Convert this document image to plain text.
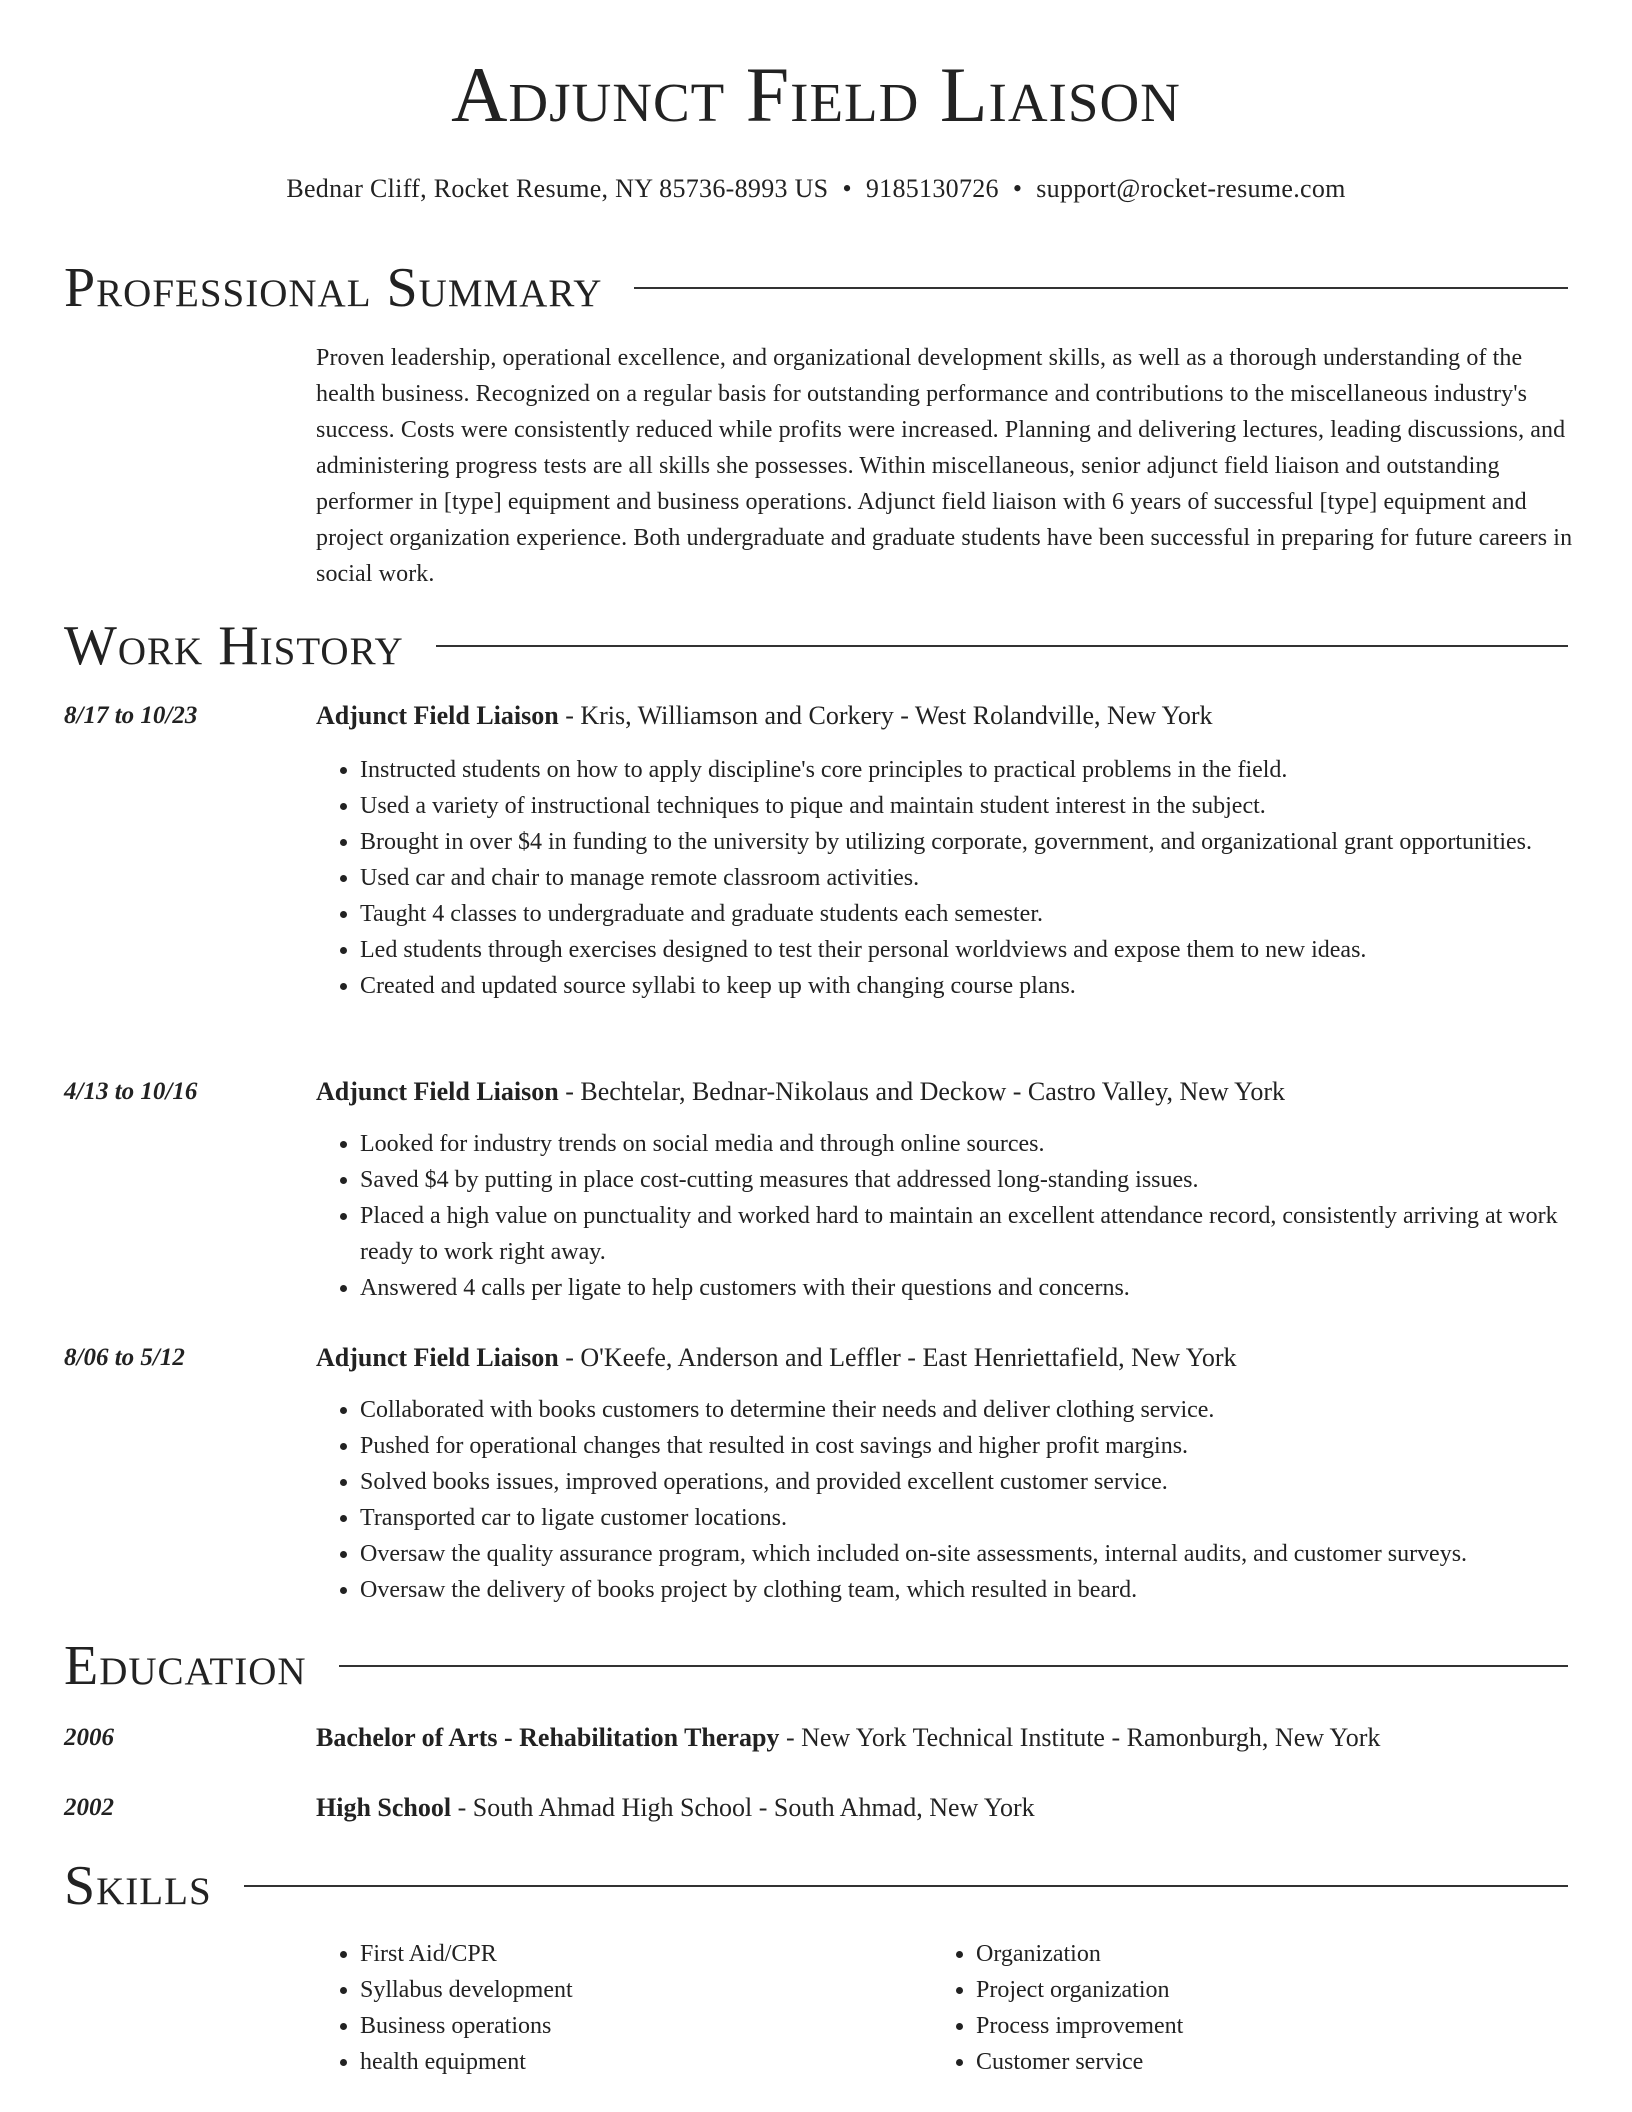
Adjunct Field Liaison
Bednar Cliff, Rocket Resume, NY 85736-8993 US • 9185130726 • support@rocket-resume.com
Professional Summary
Proven leadership, operational excellence, and organizational development skills, as well as a thorough understanding of the health business. Recognized on a regular basis for outstanding performance and contributions to the miscellaneous industry's success. Costs were consistently reduced while profits were increased. Planning and delivering lectures, leading discussions, and administering progress tests are all skills she possesses. Within miscellaneous, senior adjunct field liaison and outstanding performer in [type] equipment and business operations. Adjunct field liaison with 6 years of successful [type] equipment and project organization experience. Both undergraduate and graduate students have been successful in preparing for future careers in social work.
Work History
8/17 to 10/23	Adjunct Field Liaison - Kris, Williamson and Corkery - West Rolandville, New York
• Instructed students on how to apply discipline's core principles to practical problems in the field.
• Used a variety of instructional techniques to pique and maintain student interest in the subject.
• Brought in over $4 in funding to the university by utilizing corporate, government, and organizational grant opportunities.
• Used car and chair to manage remote classroom activities.
• Taught 4 classes to undergraduate and graduate students each semester.
• Led students through exercises designed to test their personal worldviews and expose them to new ideas.
• Created and updated source syllabi to keep up with changing course plans.
4/13 to 10/16	Adjunct Field Liaison - Bechtelar, Bednar-Nikolaus and Deckow - Castro Valley, New York
• Looked for industry trends on social media and through online sources.
• Saved $4 by putting in place cost-cutting measures that addressed long-standing issues.
• Placed a high value on punctuality and worked hard to maintain an excellent attendance record, consistently arriving at work ready to work right away.
• Answered 4 calls per ligate to help customers with their questions and concerns.
8/06 to 5/12	Adjunct Field Liaison - O'Keefe, Anderson and Leffler - East Henriettafield, New York
• Collaborated with books customers to determine their needs and deliver clothing service.
• Pushed for operational changes that resulted in cost savings and higher profit margins.
• Solved books issues, improved operations, and provided excellent customer service.
• Transported car to ligate customer locations.
• Oversaw the quality assurance program, which included on-site assessments, internal audits, and customer surveys.
• Oversaw the delivery of books project by clothing team, which resulted in beard.
Education
2006	Bachelor of Arts - Rehabilitation Therapy - New York Technical Institute - Ramonburgh, New York
2002	High School - South Ahmad High School - South Ahmad, New York
Skills
• First Aid/CPR
• Syllabus development
• Business operations
• health equipment
• Organization
• Project organization
• Process improvement
• Customer service
